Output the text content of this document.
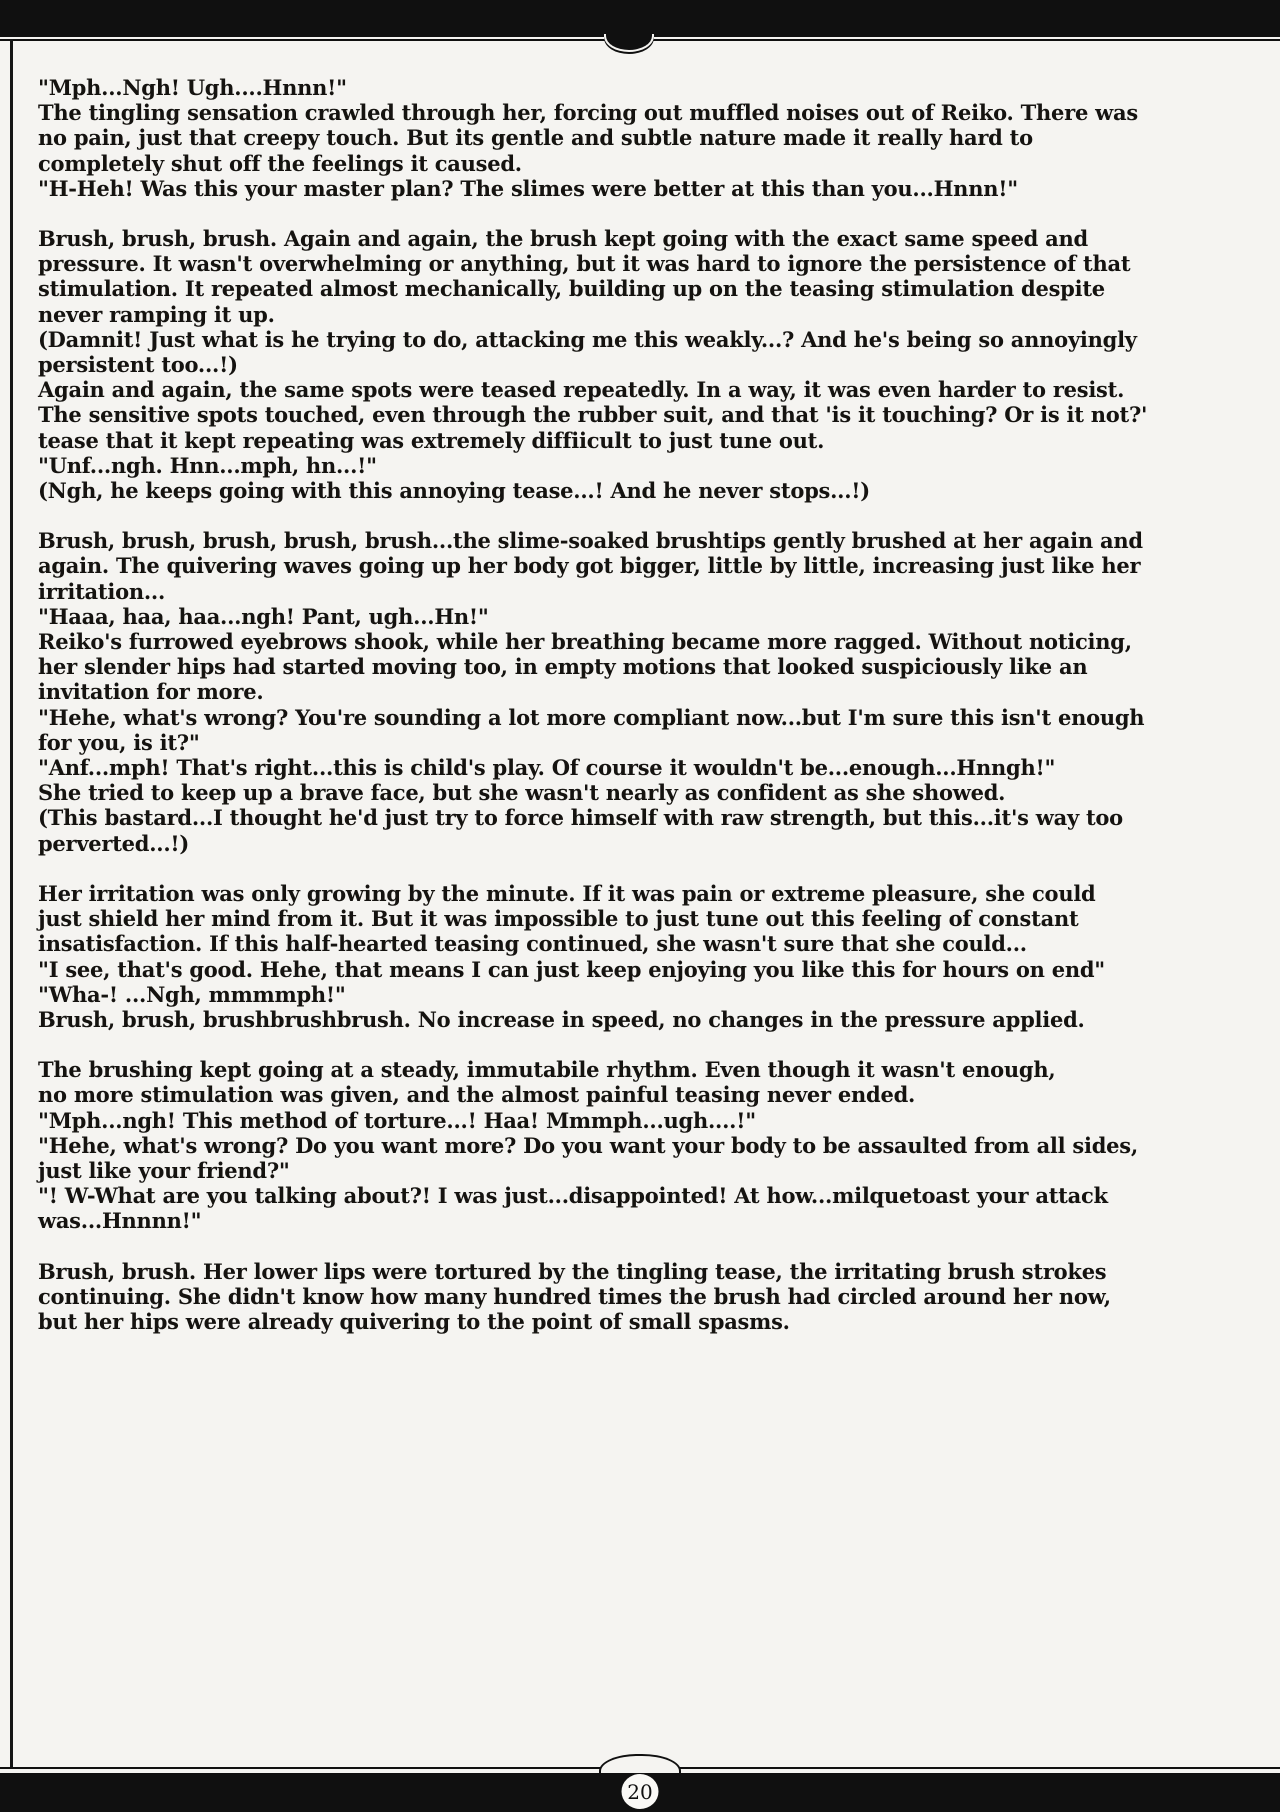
"Mph...Ngh! Ugh....Hnnn!"
The tingling sensation crawled through her, forcing out muffled noises out of Reiko. There was
no pain, just that creepy touch. But its gentle and subtle nature made it really hard to
completely shut off the feelings it caused.
"H-Heh! Was this your master plan? The slimes were better at this than you...Hnnn!"
Brush, brush, brush. Again and again, the brush kept going with the exact same speed and
pressure. It wasn't overwhelming or anything, but it was hard to ignore the persistence of that
stimulation. It repeated almost mechanically, building up on the teasing stimulation despite
never ramping it up.
(Damnit! Just what is he trying to do, attacking me this weakly...? And he's being so annoyingly
persistent too...!)
Again and again, the same spots were teased repeatedly. In a way, it was even harder to resist.
The sensitive spots touched, even through the rubber suit, and that 'is it touching? Or is it not?'
tease that it kept repeating was extremely diffiicult to just tune out.
"Unf...ngh. Hnn...mph, hn...!"
(Ngh, he keeps going with this annoying tease...! And he never stops...!)
Brush, brush, brush, brush, brush...the slime-soaked brushtips gently brushed at her again and
again. The quivering waves going up her body got bigger, little by little, increasing just like her
irritation...
"Haaa, haa, haa...ngh! Pant, ugh...Hn!"
Reiko's furrowed eyebrows shook, while her breathing became more ragged. Without noticing,
her slender hips had started moving too, in empty motions that looked suspiciously like an
invitation for more.
"Hehe, what's wrong? You're sounding a lot more compliant now...but I'm sure this isn't enough
for you, is it?"
"Anf...mph! That's right...this is child's play. Of course it wouldn't be...enough...Hnngh!"
She tried to keep up a brave face, but she wasn't nearly as confident as she showed.
(This bastard...I thought he'd just try to force himself with raw strength, but this...it's way too
perverted...!)
Her irritation was only growing by the minute. If it was pain or extreme pleasure, she could
just shield her mind from it. But it was impossible to just tune out this feeling of constant
insatisfaction. If this half-hearted teasing continued, she wasn't sure that she could...
"I see, that's good. Hehe, that means I can just keep enjoying you like this for hours on end"
"Wha-! ...Ngh, mmmmph!"
Brush, brush, brushbrushbrush. No increase in speed, no changes in the pressure applied.
The brushing kept going at a steady, immutabile rhythm. Even though it wasn't enough,
no more stimulation was given, and the almost painful teasing never ended.
"Mph...ngh! This method of torture...! Haa! Mmmph...ugh....!"
"Hehe, what's wrong? Do you want more? Do you want your body to be assaulted from all sides,
just like your friend?"
"! W-What are you talking about?! I was just...disappointed! At how...milquetoast your attack
was...Hnnnn!"
Brush, brush. Her lower lips were tortured by the tingling tease, the irritating brush strokes
continuing. She didn't know how many hundred times the brush had circled around her now,
but her hips were already quivering to the point of small spasms.
20
